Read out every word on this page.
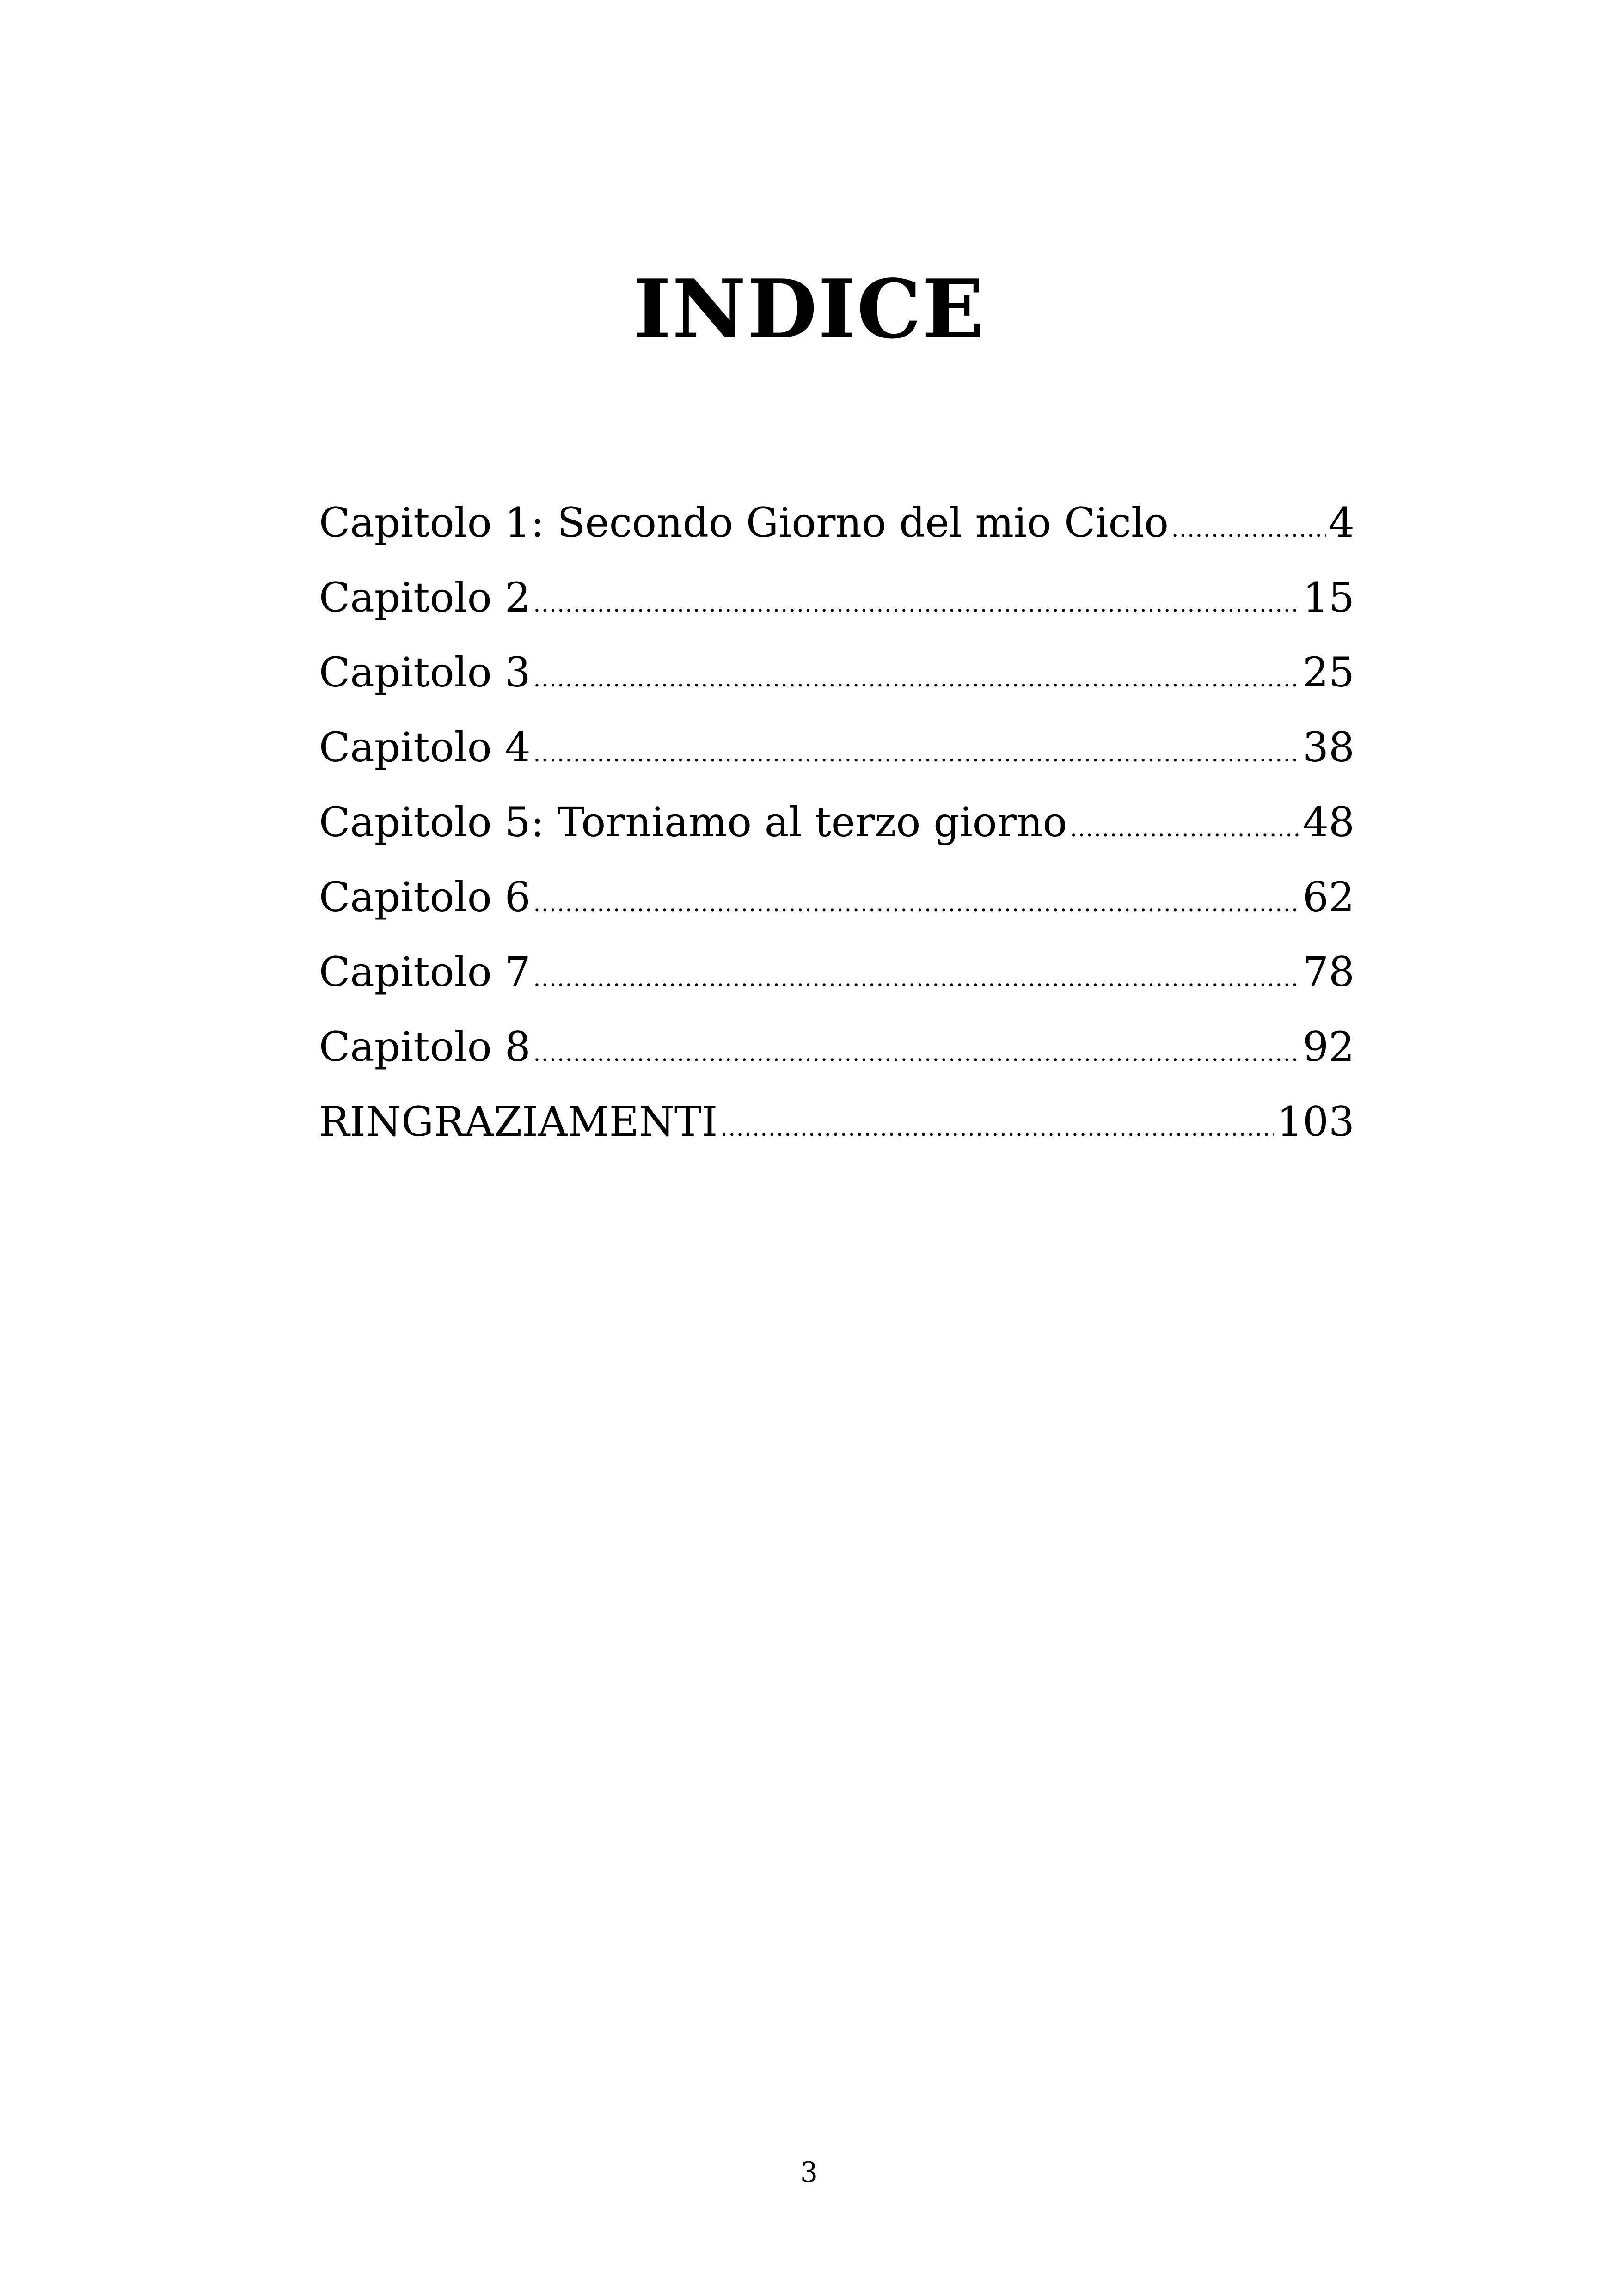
INDICE
Capitolo 1: Secondo Giorno del mio Ciclo .....	4
Capitolo 2 .....	15
Capitolo 3 .....	25
Capitolo 4 .....	38
Capitolo 5: Torniamo al terzo giorno .....	48
Capitolo 6 .....	62
Capitolo 7 .....	78
Capitolo 8 .....	92
RINGRAZIAMENTI .....	103
3
